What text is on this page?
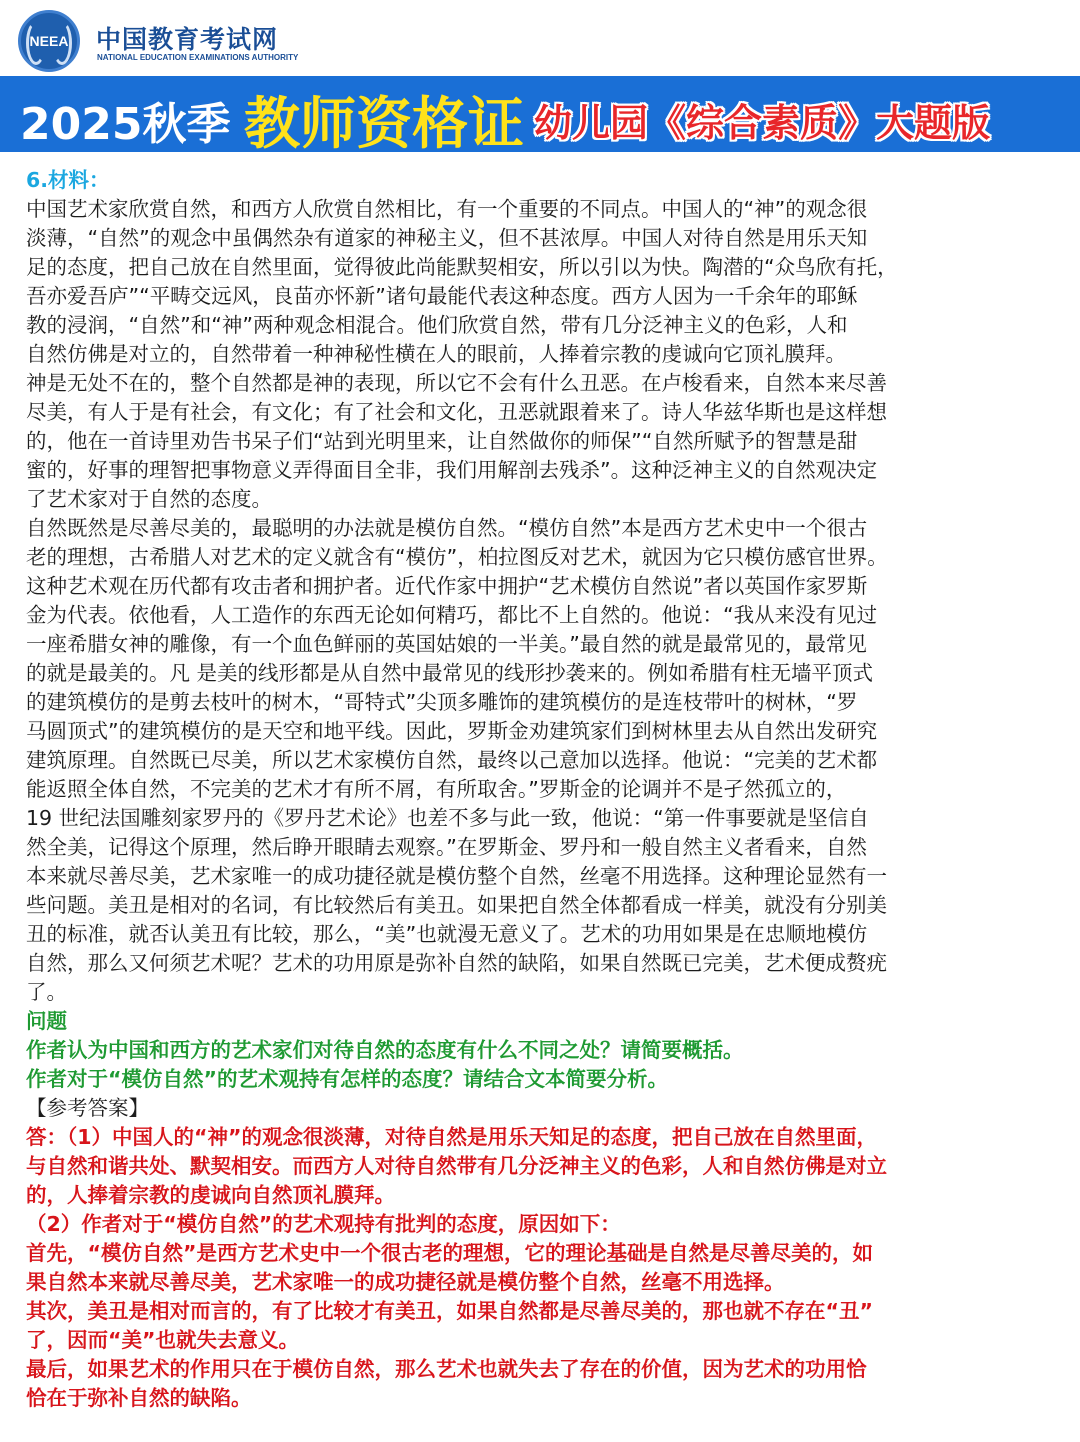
NEEA	中国教育考试网
NATIONAL EDUCATION EXAMINATIONS AUTHORITY
2025秋季 教师资格证 幼儿园《综合素质》大题版
6.材料：
中国艺术家欣赏自然，和西方人欣赏自然相比，有一个重要的不同点。中国人的“神”的观念很
淡薄，“自然”的观念中虽偶然杂有道家的神秘主义，但不甚浓厚。中国人对待自然是用乐天知
足的态度，把自己放在自然里面，觉得彼此尚能默契相安，所以引以为快。陶潜的“众鸟欣有托，
吾亦爱吾庐”“平畴交远风，良苗亦怀新”诸句最能代表这种态度。西方人因为一千余年的耶稣
教的浸润，“自然”和“神”两种观念相混合。他们欣赏自然，带有几分泛神主义的色彩，人和
自然仿佛是对立的，自然带着一种神秘性横在人的眼前，人捧着宗教的虔诚向它顶礼膜拜。
神是无处不在的，整个自然都是神的表现，所以它不会有什么丑恶。在卢梭看来，自然本来尽善
尽美，有人于是有社会，有文化；有了社会和文化，丑恶就跟着来了。诗人华兹华斯也是这样想
的，他在一首诗里劝告书呆子们“站到光明里来，让自然做你的师保”“自然所赋予的智慧是甜
蜜的，好事的理智把事物意义弄得面目全非，我们用解剖去残杀”。这种泛神主义的自然观决定
了艺术家对于自然的态度。
自然既然是尽善尽美的，最聪明的办法就是模仿自然。“模仿自然”本是西方艺术史中一个很古
老的理想，古希腊人对艺术的定义就含有“模仿”，柏拉图反对艺术，就因为它只模仿感官世界。
这种艺术观在历代都有攻击者和拥护者。近代作家中拥护“艺术模仿自然说”者以英国作家罗斯
金为代表。依他看，人工造作的东西无论如何精巧，都比不上自然的。他说：“我从来没有见过
一座希腊女神的雕像，有一个血色鲜丽的英国姑娘的一半美。”最自然的就是最常见的，最常见
的就是最美的。凡 是美的线形都是从自然中最常见的线形抄袭来的。例如希腊有柱无墙平顶式
的建筑模仿的是剪去枝叶的树木，“哥特式”尖顶多雕饰的建筑模仿的是连枝带叶的树林，“罗
马圆顶式”的建筑模仿的是天空和地平线。因此，罗斯金劝建筑家们到树林里去从自然出发研究
建筑原理。自然既已尽美，所以艺术家模仿自然，最终以己意加以选择。他说：“完美的艺术都
能返照全体自然，不完美的艺术才有所不屑，有所取舍。”罗斯金的论调并不是孑然孤立的，
19 世纪法国雕刻家罗丹的《罗丹艺术论》也差不多与此一致，他说：“第一件事要就是坚信自
然全美，记得这个原理，然后睁开眼睛去观察。”在罗斯金、罗丹和一般自然主义者看来，自然
本来就尽善尽美，艺术家唯一的成功捷径就是模仿整个自然，丝毫不用选择。这种理论显然有一
些问题。美丑是相对的名词，有比较然后有美丑。如果把自然全体都看成一样美，就没有分别美
丑的标准，就否认美丑有比较，那么，“美”也就漫无意义了。艺术的功用如果是在忠顺地模仿
自然，那么又何须艺术呢？艺术的功用原是弥补自然的缺陷，如果自然既已完美，艺术便成赘疣
了。
问题
作者认为中国和西方的艺术家们对待自然的态度有什么不同之处？请简要概括。
作者对于“模仿自然”的艺术观持有怎样的态度？请结合文本简要分析。
【参考答案】
答：（1）中国人的“神”的观念很淡薄，对待自然是用乐天知足的态度，把自己放在自然里面，
与自然和谐共处、默契相安。而西方人对待自然带有几分泛神主义的色彩，人和自然仿佛是对立
的，人捧着宗教的虔诚向自然顶礼膜拜。
（2）作者对于“模仿自然”的艺术观持有批判的态度，原因如下：
首先，“模仿自然”是西方艺术史中一个很古老的理想，它的理论基础是自然是尽善尽美的，如
果自然本来就尽善尽美，艺术家唯一的成功捷径就是模仿整个自然，丝毫不用选择。
其次，美丑是相对而言的，有了比较才有美丑，如果自然都是尽善尽美的，那也就不存在“丑”
了，因而“美”也就失去意义。
最后，如果艺术的作用只在于模仿自然，那么艺术也就失去了存在的价值，因为艺术的功用恰
恰在于弥补自然的缺陷。
